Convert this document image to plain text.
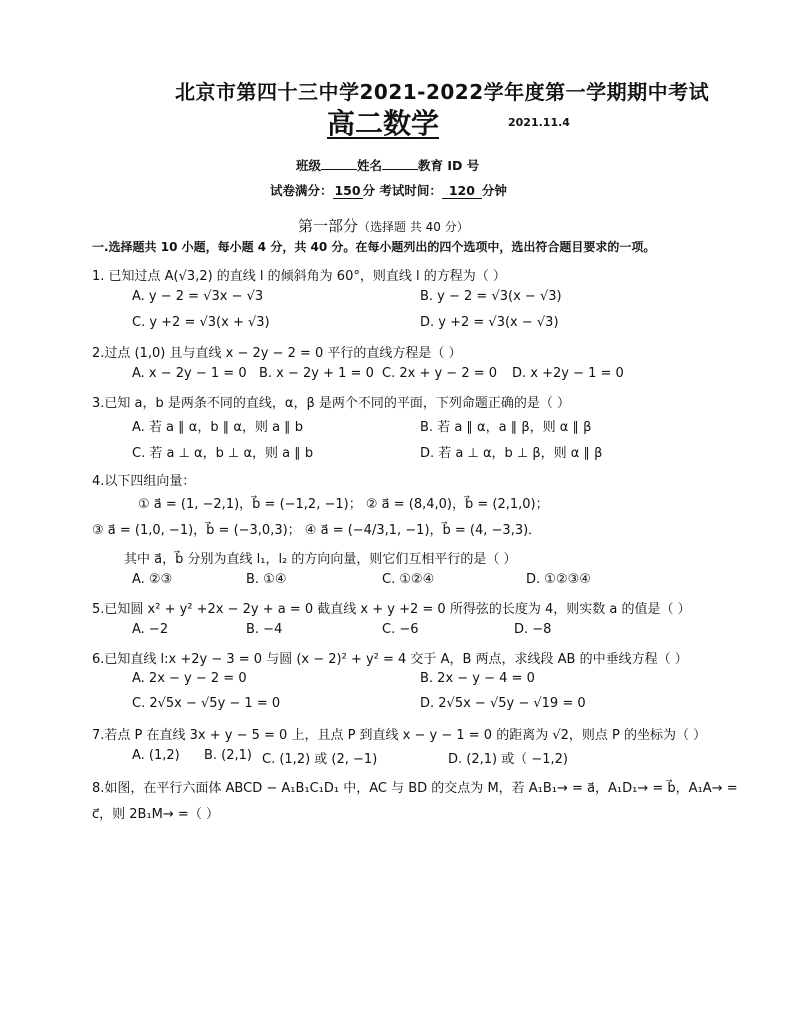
北京市第四十三中学2021-2022学年度第一学期期中考试
高二数学	2021.11.4
班级	姓名	教育 ID 号
试卷满分： 150 分 考试时间： 120 分钟
第一部分（选择题 共 40 分）
一.选择题共 10 小题，每小题 4 分，共 40 分。在每小题列出的四个选项中，选出符合题目要求的一项。
1. 已知过点 A(√3,2) 的直线 l 的倾斜角为 60°，则直线 l 的方程为（ ）
A. y − 2 = √3x − √3	B. y − 2 = √3(x − √3)
C. y +2 = √3(x + √3)	D. y +2 = √3(x − √3)
2.过点 (1,0) 且与直线 x − 2y − 2 = 0 平行的直线方程是（ ）
A. x − 2y − 1 = 0 B. x − 2y + 1 = 0 C. 2x + y − 2 = 0 D. x +2y − 1 = 0
3.已知 a，b 是两条不同的直线，α，β 是两个不同的平面，下列命题正确的是（ ）
A. 若 a ∥ α，b ∥ α，则 a ∥ b	B. 若 a ∥ α，a ∥ β，则 α ∥ β
C. 若 a ⊥ α，b ⊥ α，则 a ∥ b	D. 若 a ⊥ α，b ⊥ β，则 α ∥ β
4.以下四组向量：
① a⃗ = (1, −2,1)，b⃗ = (−1,2, −1)； ② a⃗ = (8,4,0)，b⃗ = (2,1,0)；
③ a⃗ = (1,0, −1)，b⃗ = (−3,0,3)； ④ a⃗ = (−4/3,1, −1)，b⃗ = (4, −3,3)．
其中 a⃗，b⃗ 分别为直线 l₁，l₂ 的方向向量，则它们互相平行的是（ ）
A. ②③	B. ①④	C. ①②④	D. ①②③④
5.已知圆 x² + y² +2x − 2y + a = 0 截直线 x + y +2 = 0 所得弦的长度为 4，则实数 a 的值是（ ）
A. −2	B. −4	C. −6	D. −8
6.已知直线 l:x +2y − 3 = 0 与圆 (x − 2)² + y² = 4 交于 A，B 两点，求线段 AB 的中垂线方程（ ）
A. 2x − y − 2 = 0	B. 2x − y − 4 = 0
C. 2√5x − √5y − 1 = 0	D. 2√5x − √5y − √19 = 0
7.若点 P 在直线 3x + y − 5 = 0 上，且点 P 到直线 x − y − 1 = 0 的距离为 √2，则点 P 的坐标为（ ）
A. (1,2) B. (2,1) C. (1,2) 或 (2, −1)	D. (2,1) 或（ −1,2)
8.如图，在平行六面体 ABCD − A₁B₁C₁D₁ 中，AC 与 BD 的交点为 M，若 A₁B₁→ = a⃗，A₁D₁→ = b⃗，A₁A→ =
c⃗，则 2B₁M→ =（ ）
